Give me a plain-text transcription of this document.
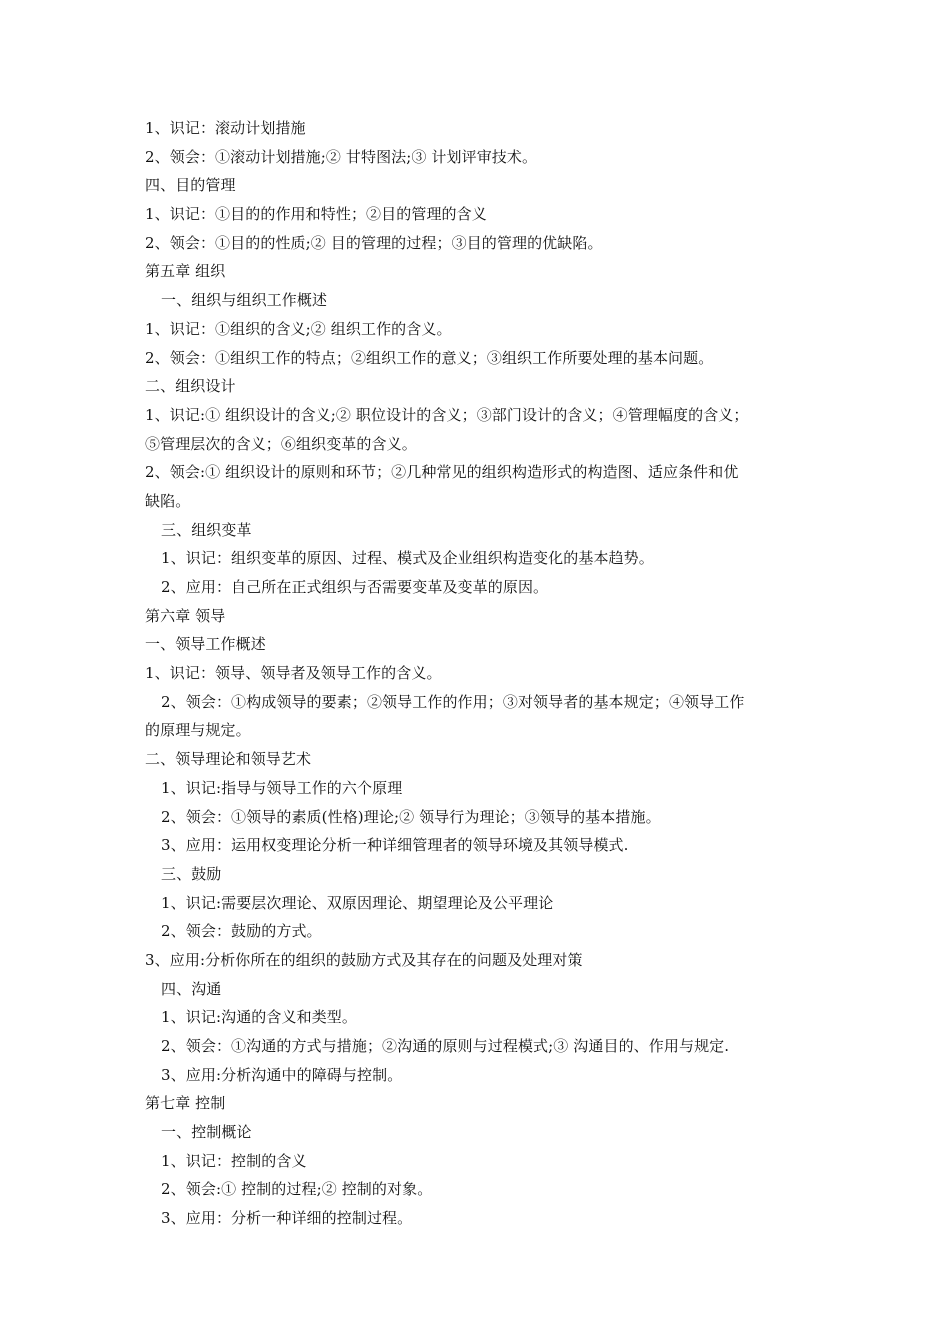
1、识记：滚动计划措施
2、领会：①滚动计划措施;② 甘特图法;③ 计划评审技术。
四、目的管理
1、识记：①目的的作用和特性；②目的管理的含义
2、领会：①目的的性质;② 目的管理的过程；③目的管理的优缺陷。
第五章 组织
一、组织与组织工作概述
1、识记：①组织的含义;② 组织工作的含义。
2、领会：①组织工作的特点；②组织工作的意义；③组织工作所要处理的基本问题。
二、组织设计
1、识记:① 组织设计的含义;② 职位设计的含义；③部门设计的含义；④管理幅度的含义；
⑤管理层次的含义；⑥组织变革的含义。
2、领会:① 组织设计的原则和环节；②几种常见的组织构造形式的构造图、适应条件和优
缺陷。
三、组织变革
1、识记：组织变革的原因、过程、模式及企业组织构造变化的基本趋势。
2、应用：自己所在正式组织与否需要变革及变革的原因。
第六章 领导
一、领导工作概述
1、识记：领导、领导者及领导工作的含义。
2、领会：①构成领导的要素；②领导工作的作用；③对领导者的基本规定；④领导工作
的原理与规定。
二、领导理论和领导艺术
1、识记:指导与领导工作的六个原理
2、领会：①领导的素质(性格)理论;② 领导行为理论；③领导的基本措施。
3、应用：运用权变理论分析一种详细管理者的领导环境及其领导模式.
三、鼓励
1、识记:需要层次理论、双原因理论、期望理论及公平理论
2、领会：鼓励的方式。
3、应用:分析你所在的组织的鼓励方式及其存在的问题及处理对策
四、沟通
1、识记:沟通的含义和类型。
2、领会：①沟通的方式与措施；②沟通的原则与过程模式;③ 沟通目的、作用与规定.
3、应用:分析沟通中的障碍与控制。
第七章 控制
一、控制概论
1、识记：控制的含义
2、领会:① 控制的过程;② 控制的对象。
3、应用：分析一种详细的控制过程。
